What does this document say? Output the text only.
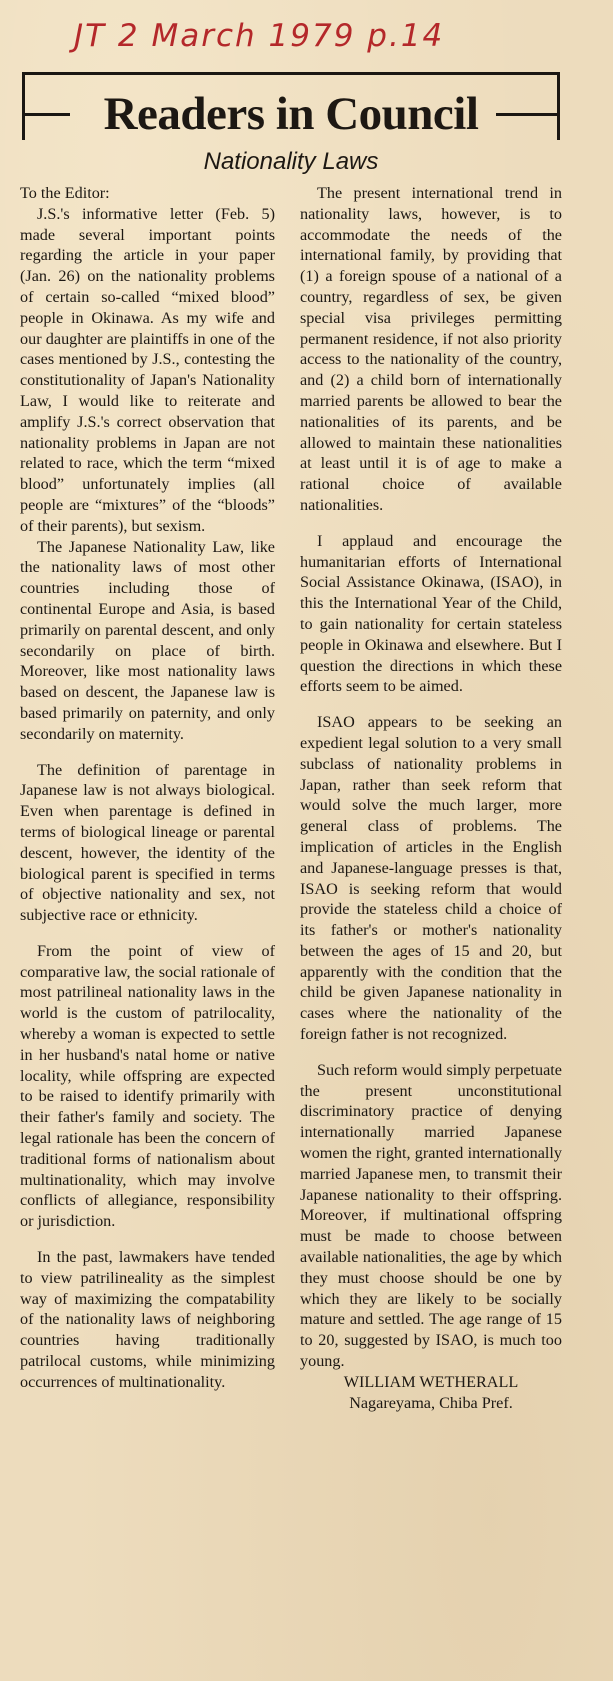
JT 2 March 1979 p.14
Readers in Council
Nationality Laws

To the Editor:

J.S.'s informative letter (Feb. 5) made several important points regarding the article in your paper (Jan. 26) on the nationality problems of certain so-called “mixed blood” people in Okinawa. As my wife and our daughter are plaintiffs in one of the cases mentioned by J.S., contesting the constitutionality of Japan's Nationality Law, I would like to reiterate and amplify J.S.'s correct observation that nationality problems in Japan are not related to race, which the term “mixed blood” unfortunately implies (all people are “mixtures” of the “bloods” of their parents), but sexism.

The Japanese Nationality Law, like the nationality laws of most other countries including those of continental Europe and Asia, is based primarily on parental descent, and only secondarily on place of birth. Moreover, like most nationality laws based on descent, the Japanese law is based primarily on paternity, and only secondarily on maternity.

The definition of parentage in Japanese law is not always biological. Even when parentage is defined in terms of biological lineage or parental descent, however, the identity of the biological parent is specified in terms of objective nationality and sex, not subjective race or ethnicity.

From the point of view of comparative law, the social rationale of most patrilineal nationality laws in the world is the custom of patrilocality, whereby a woman is expected to settle in her husband's natal home or native locality, while offspring are expected to be raised to identify primarily with their father's family and society. The legal rationale has been the concern of traditional forms of nationalism about multinationality, which may involve conflicts of allegiance, responsibility or jurisdiction.

In the past, lawmakers have tended to view patrilineality as the simplest way of maximizing the compatability of the nationality laws of neighboring countries having traditionally patrilocal customs, while minimizing occurrences of multinationality.

The present international trend in nationality laws, however, is to accommodate the needs of the international family, by providing that (1) a foreign spouse of a national of a country, regardless of sex, be given special visa privileges permitting permanent residence, if not also priority access to the nationality of the country, and (2) a child born of internationally married parents be allowed to bear the nationalities of its parents, and be allowed to maintain these nationalities at least until it is of age to make a rational choice of available nationalities.

I applaud and encourage the humanitarian efforts of International Social Assistance Okinawa, (ISAO), in this the International Year of the Child, to gain nationality for certain stateless people in Okinawa and elsewhere. But I question the directions in which these efforts seem to be aimed.

ISAO appears to be seeking an expedient legal solution to a very small subclass of nationality problems in Japan, rather than seek reform that would solve the much larger, more general class of problems. The implication of articles in the English and Japanese-language presses is that, ISAO is seeking reform that would provide the stateless child a choice of its father's or mother's nationality between the ages of 15 and 20, but apparently with the condition that the child be given Japanese nationality in cases where the nationality of the foreign father is not recognized.

Such reform would simply perpetuate the present unconstitutional discriminatory practice of denying internationally married Japanese women the right, granted internationally married Japanese men, to transmit their Japanese nationality to their offspring. Moreover, if multinational offspring must be made to choose between available nationalities, the age by which they must choose should be one by which they are likely to be socially mature and settled. The age range of 15 to 20, suggested by ISAO, is much too young.

WILLIAM WETHERALL

Nagareyama, Chiba Pref.
